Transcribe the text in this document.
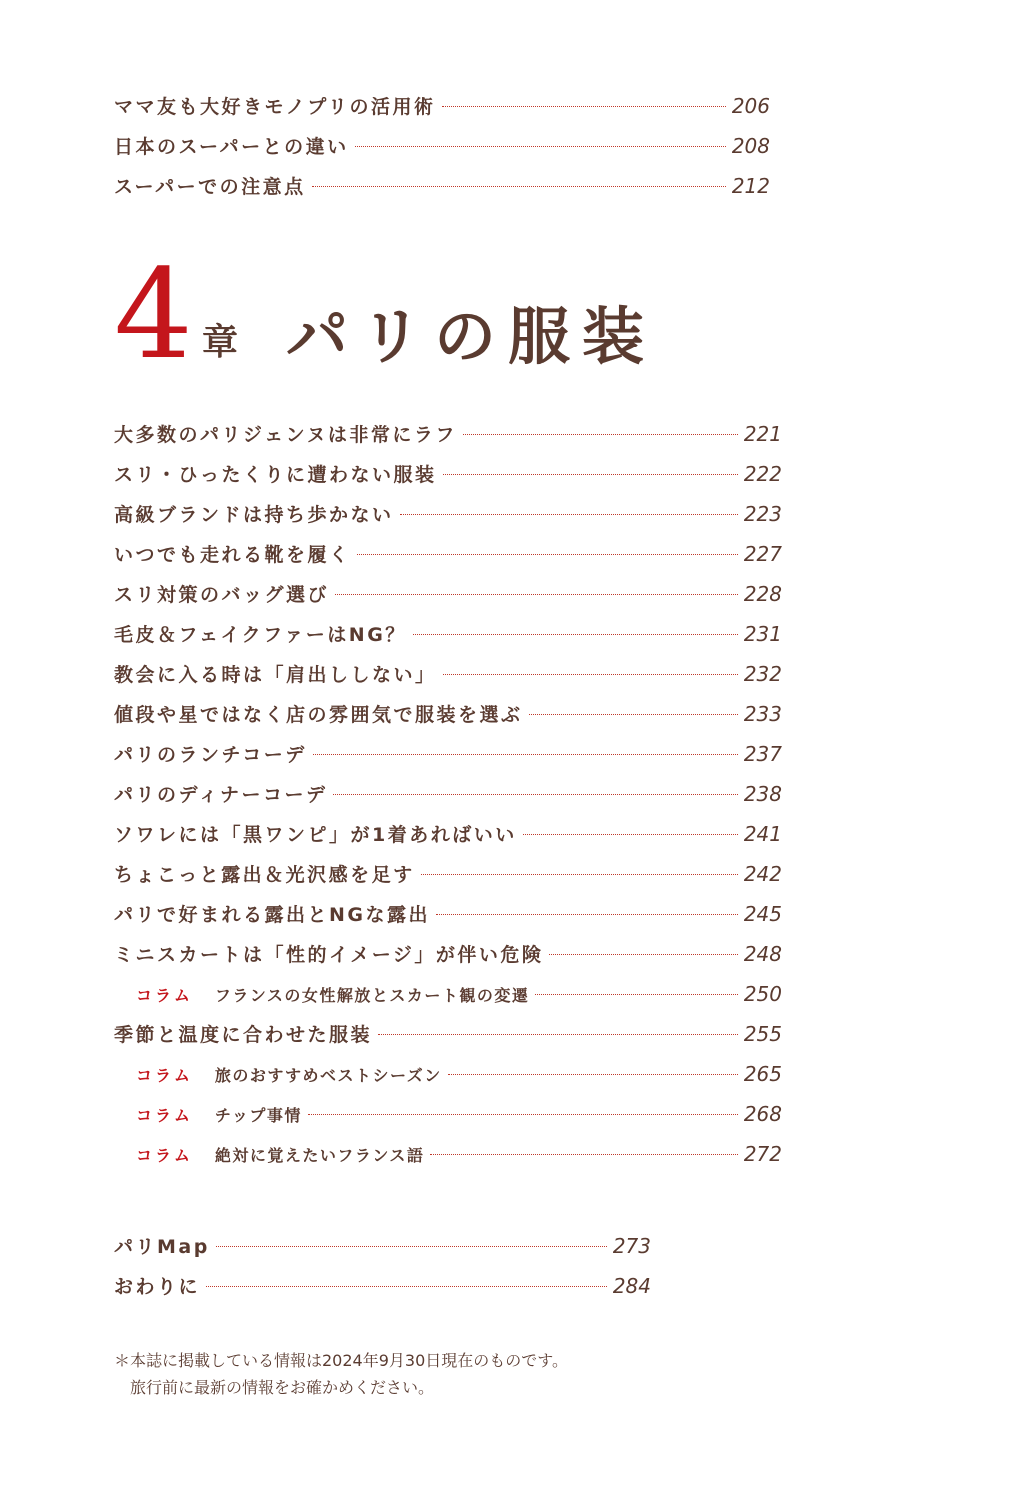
ママ友も大好きモノプリの活用術	206
日本のスーパーとの違い	208
スーパーでの注意点	212
4 章 パリの服装
大多数のパリジェンヌは非常にラフ	221
スリ・ひったくりに遭わない服装	222
高級ブランドは持ち歩かない	223
いつでも走れる靴を履く	227
スリ対策のバッグ選び	228
毛皮＆フェイクファーはNG？	231
教会に入る時は「肩出ししない」	232
値段や星ではなく店の雰囲気で服装を選ぶ	233
パリのランチコーデ	237
パリのディナーコーデ	238
ソワレには「黒ワンピ」が1着あればいい	241
ちょこっと露出＆光沢感を足す	242
パリで好まれる露出とNGな露出	245
ミニスカートは「性的イメージ」が伴い危険	248
コラム フランスの女性解放とスカート観の変遷	250
季節と温度に合わせた服装	255
コラム 旅のおすすめベストシーズン	265
コラム チップ事情	268
コラム 絶対に覚えたいフランス語	272
パリMap	273
おわりに	284
＊本誌に掲載している情報は2024年9月30日現在のものです。
旅行前に最新の情報をお確かめください。
